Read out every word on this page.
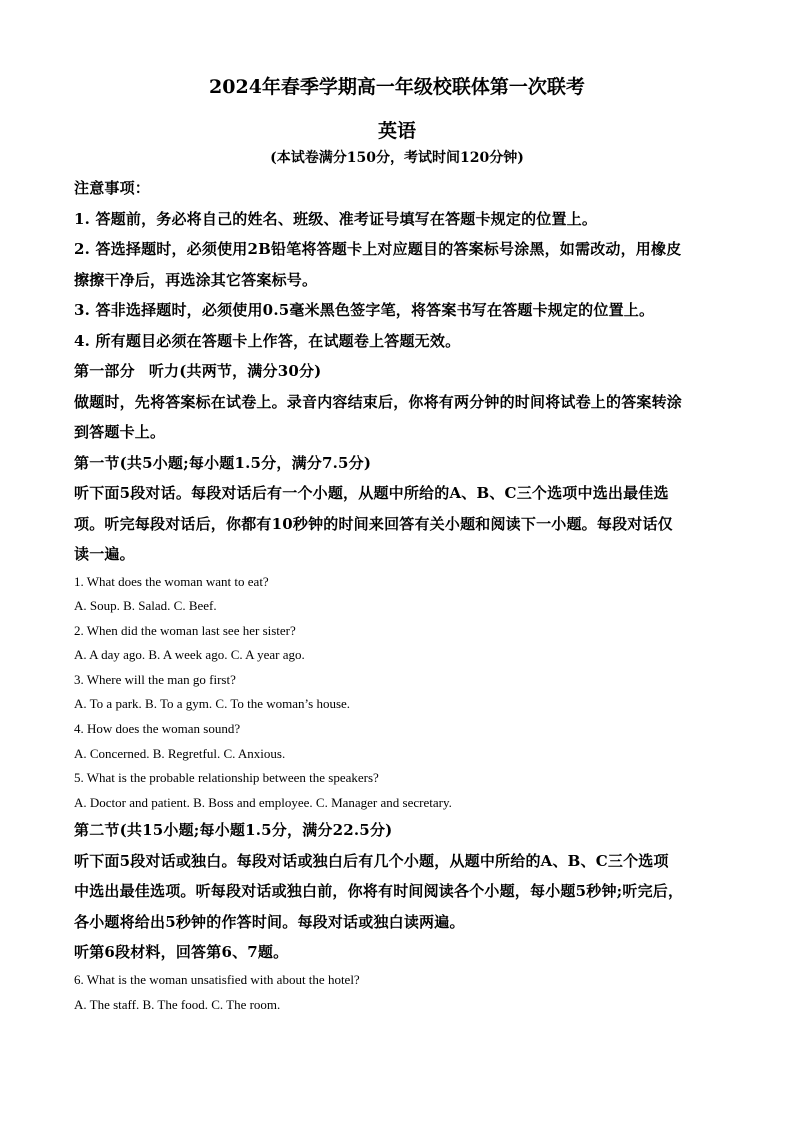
2024年春季学期高一年级校联体第一次联考
英语

(本试卷满分150分，考试时间120分钟)

注意事项：

1. 答题前，务必将自己的姓名、班级、准考证号填写在答题卡规定的位置上。

2. 答选择题时，必须使用2B铅笔将答题卡上对应题目的答案标号涂黑，如需改动，用橡皮

擦擦干净后，再选涂其它答案标号。

3. 答非选择题时，必须使用0.5毫米黑色签字笔，将答案书写在答题卡规定的位置上。

4. 所有题目必须在答题卡上作答，在试题卷上答题无效。

第一部分 听力(共两节，满分30分)

做题时，先将答案标在试卷上。录音内容结束后，你将有两分钟的时间将试卷上的答案转涂

到答题卡上。

第一节(共5小题;每小题1.5分，满分7.5分)

听下面5段对话。每段对话后有一个小题，从题中所给的A、B、C三个选项中选出最佳选

项。听完每段对话后，你都有10秒钟的时间来回答有关小题和阅读下一小题。每段对话仅

读一遍。

1. What does the woman want to eat?

A. Soup. B. Salad. C. Beef.

2. When did the woman last see her sister?

A. A day ago. B. A week ago. C. A year ago.

3. Where will the man go first?

A. To a park. B. To a gym. C. To the woman’s house.

4. How does the woman sound?

A. Concerned. B. Regretful. C. Anxious.

5. What is the probable relationship between the speakers?

A. Doctor and patient. B. Boss and employee. C. Manager and secretary.

第二节(共15小题;每小题1.5分，满分22.5分)

听下面5段对话或独白。每段对话或独白后有几个小题，从题中所给的A、B、C三个选项

中选出最佳选项。听每段对话或独白前，你将有时间阅读各个小题，每小题5秒钟;听完后，

各小题将给出5秒钟的作答时间。每段对话或独白读两遍。

听第6段材料，回答第6、7题。

6. What is the woman unsatisfied with about the hotel?

A. The staff. B. The food. C. The room.
